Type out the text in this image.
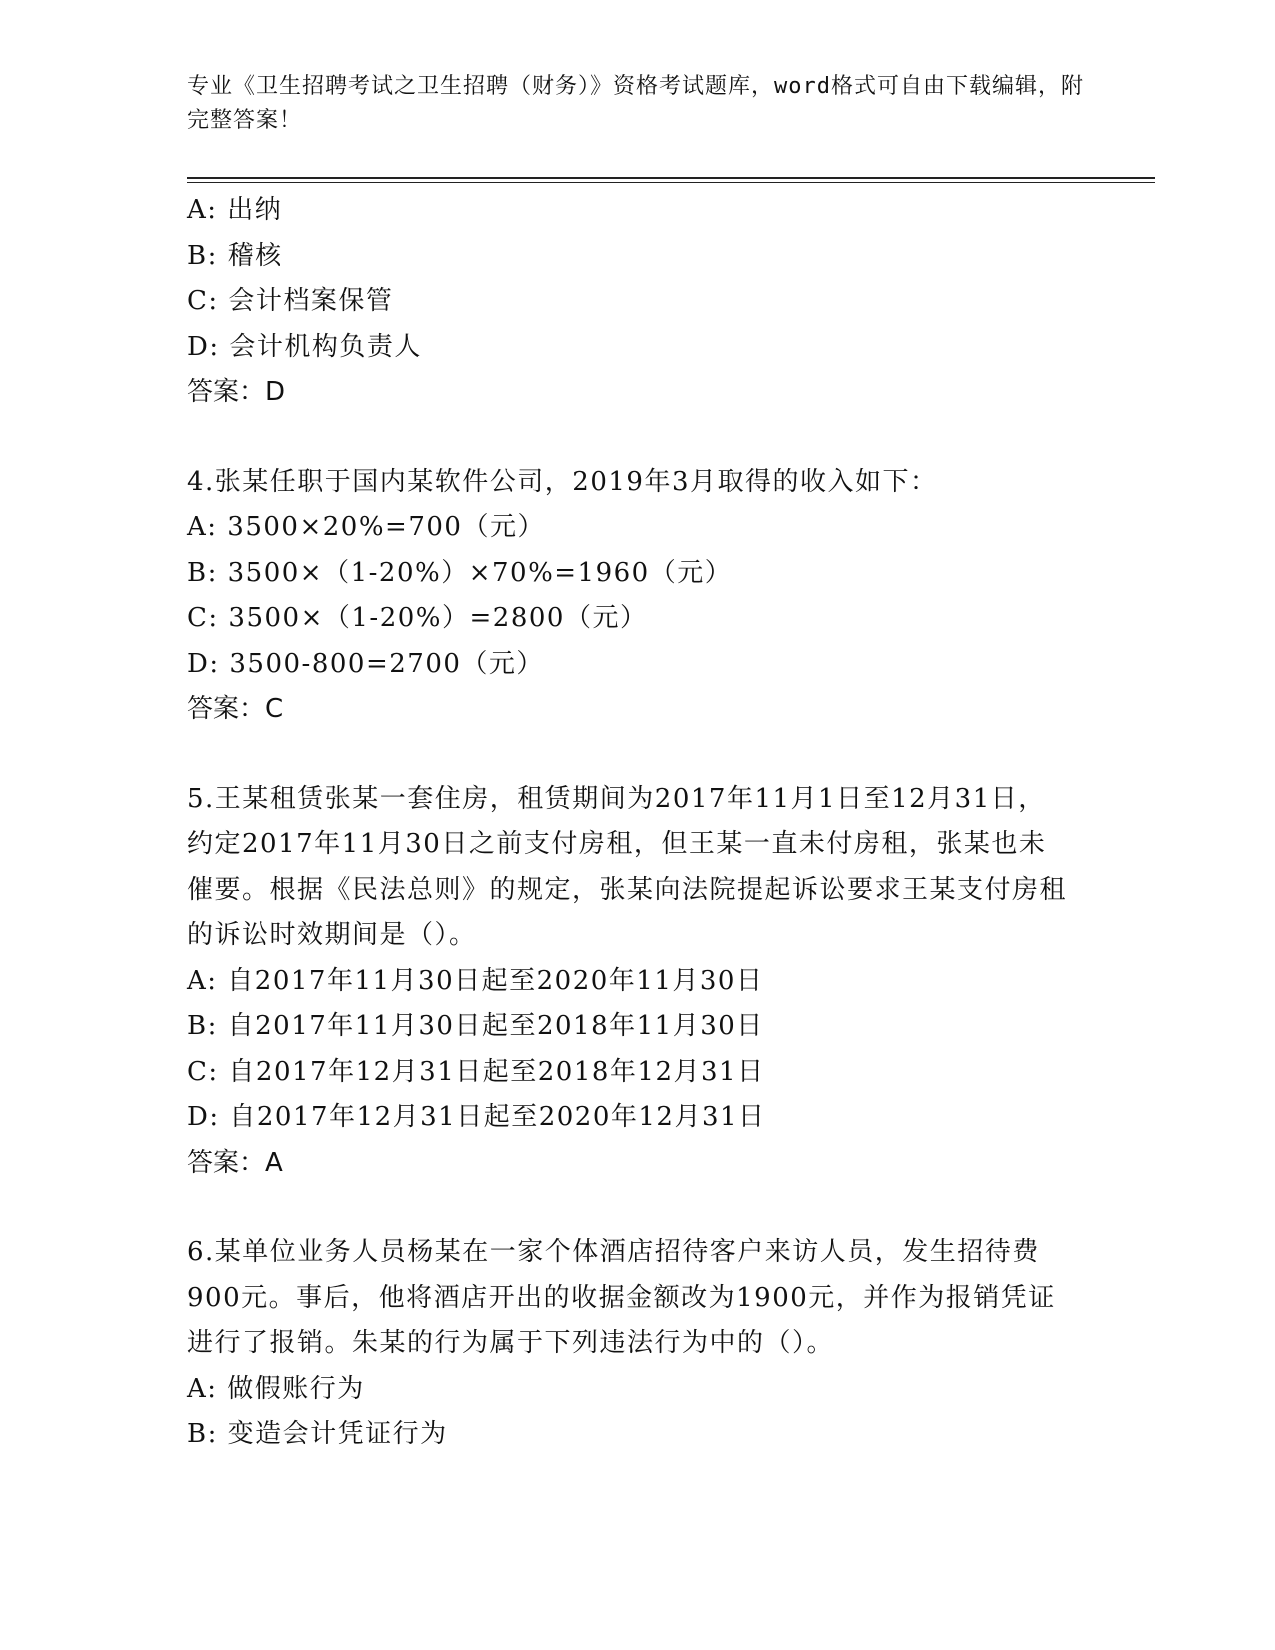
专业《卫生招聘考试之卫生招聘（财务）》资格考试题库，word格式可自由下载编辑，附完整答案！
A: 出纳
B: 稽核
C: 会计档案保管
D: 会计机构负责人
答案：D
4.张某任职于国内某软件公司，2019年3月取得的收入如下：
A: 3500×20%=700（元）
B: 3500×（1-20%）×70%=1960（元）
C: 3500×（1-20%）=2800（元）
D: 3500-800=2700（元）
答案：C
5.王某租赁张某一套住房，租赁期间为2017年11月1日至12月31日，约定2017年11月30日之前支付房租，但王某一直未付房租，张某也未催要。根据《民法总则》的规定，张某向法院提起诉讼要求王某支付房租的诉讼时效期间是（）。
A: 自2017年11月30日起至2020年11月30日
B: 自2017年11月30日起至2018年11月30日
C: 自2017年12月31日起至2018年12月31日
D: 自2017年12月31日起至2020年12月31日
答案：A
6.某单位业务人员杨某在一家个体酒店招待客户来访人员，发生招待费900元。事后，他将酒店开出的收据金额改为1900元，并作为报销凭证进行了报销。朱某的行为属于下列违法行为中的（）。
A: 做假账行为
B: 变造会计凭证行为
